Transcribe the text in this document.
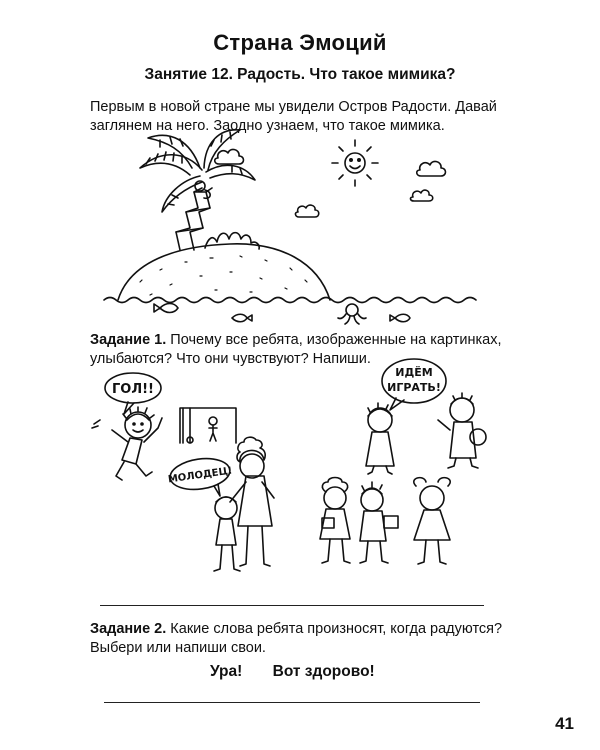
Страна Эмоций
Занятие 12. Радость. Что такое мимика?
Первым в новой стране мы увидели Остров Радости. Давай
заглянем на него. Заодно узнаем, что такое мимика.
Задание 1. Почему все ребята, изображенные на картинках,
улыбаются? Что они чувствуют? Напиши.
ГОЛ!!
ИДЁМ
ИГРАТЬ!
МОЛОДЕЦ!
Задание 2. Какие слова ребята произносят, когда радуются?
Выбери или напиши свои.
Ура! Вот здорово!
41
